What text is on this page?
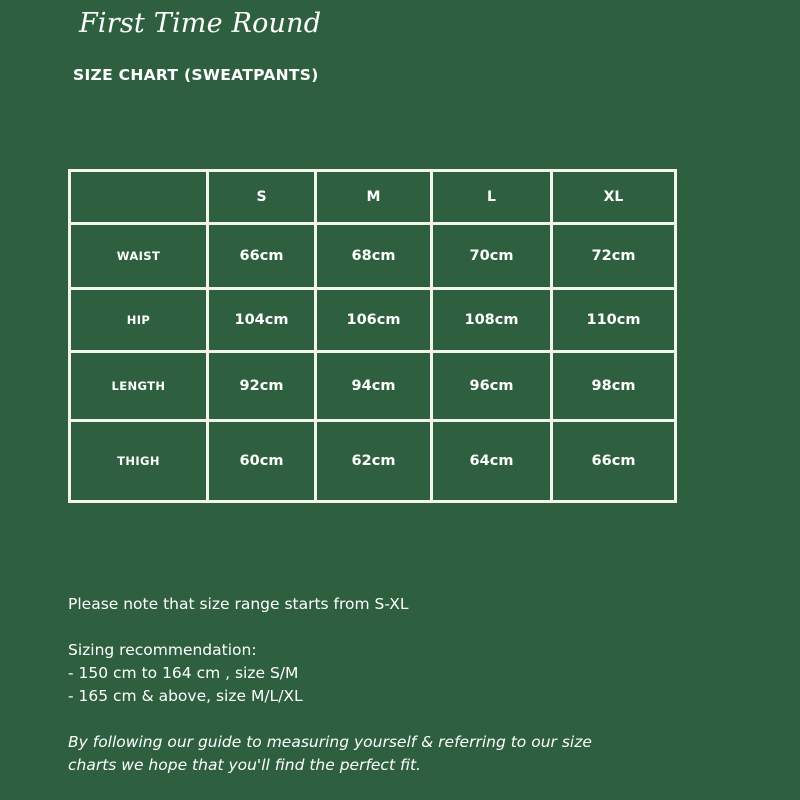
First Time Round
SIZE CHART (SWEATPANTS)
	S	M	L	XL
WAIST	66cm	68cm	70cm	72cm
HIP	104cm	106cm	108cm	110cm
LENGTH	92cm	94cm	96cm	98cm
THIGH	60cm	62cm	64cm	66cm

Please note that size range starts from S-XL

Sizing recommendation:

- 150 cm to 164 cm , size S/M

- 165 cm & above, size M/L/XL

By following our guide to measuring yourself & referring to our size

charts we hope that you'll find the perfect fit.
